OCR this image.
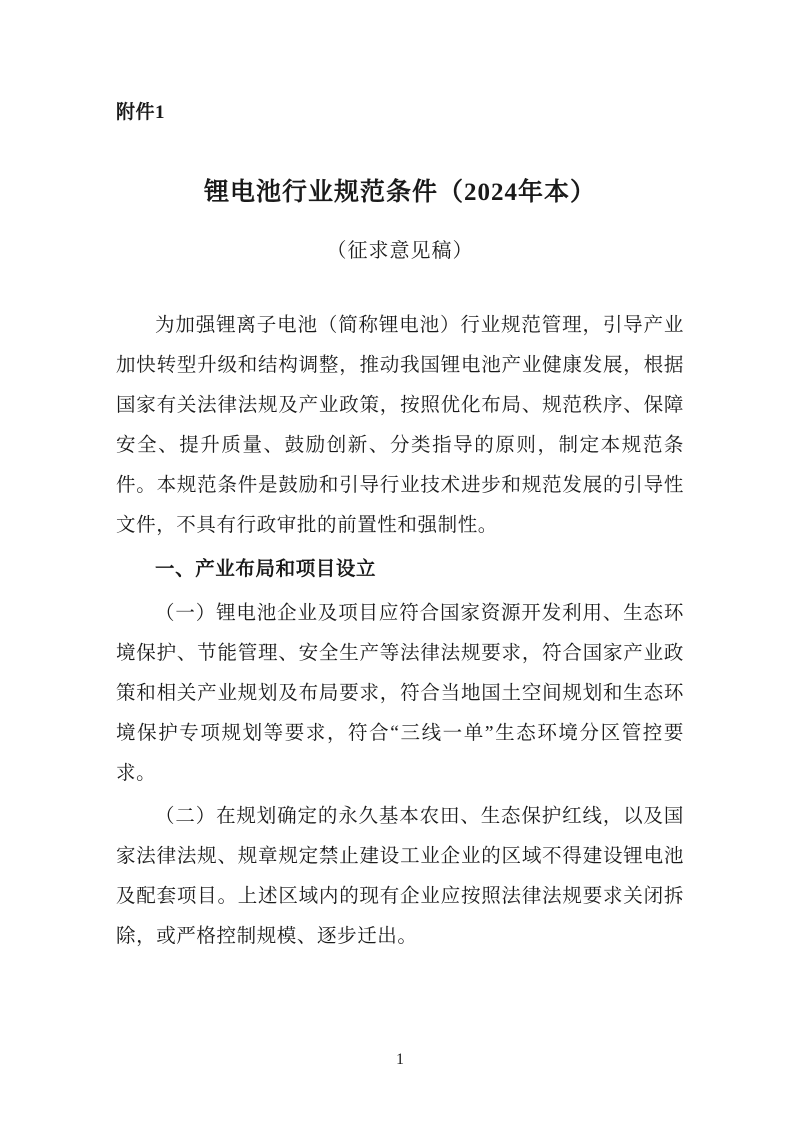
附件1
锂电池行业规范条件（2024年本）
（征求意见稿）

为加强锂离子电池（简称锂电池）行业规范管理，引导产业加快转型升级和结构调整，推动我国锂电池产业健康发展，根据国家有关法律法规及产业政策，按照优化布局、规范秩序、保障安全、提升质量、鼓励创新、分类指导的原则，制定本规范条件。本规范条件是鼓励和引导行业技术进步和规范发展的引导性文件，不具有行政审批的前置性和强制性。

一、产业布局和项目设立

（一）锂电池企业及项目应符合国家资源开发利用、生态环境保护、节能管理、安全生产等法律法规要求，符合国家产业政策和相关产业规划及布局要求，符合当地国土空间规划和生态环境保护专项规划等要求，符合“三线一单”生态环境分区管控要求。

（二）在规划确定的永久基本农田、生态保护红线，以及国家法律法规、规章规定禁止建设工业企业的区域不得建设锂电池及配套项目。上述区域内的现有企业应按照法律法规要求关闭拆除，或严格控制规模、逐步迁出。

1
